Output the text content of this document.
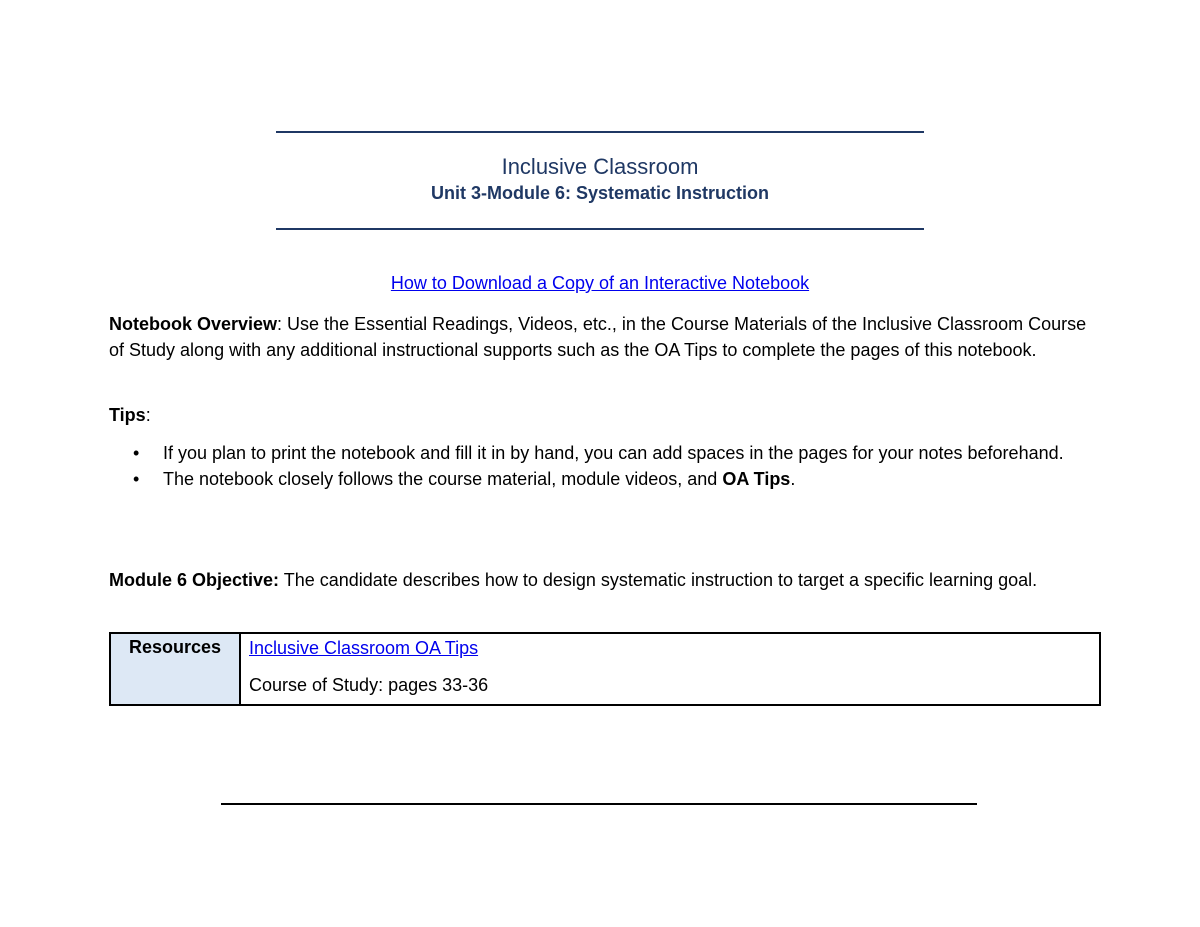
Inclusive Classroom
Unit 3-Module 6: Systematic Instruction
How to Download a Copy of an Interactive Notebook
Notebook Overview: Use the Essential Readings, Videos, etc., in the Course Materials of the Inclusive Classroom Course of Study along with any additional instructional supports such as the OA Tips to complete the pages of this notebook.
Tips:
• If you plan to print the notebook and fill it in by hand, you can add spaces in the pages for your notes beforehand.
• The notebook closely follows the course material, module videos, and OA Tips.
Module 6 Objective: The candidate describes how to design systematic instruction to target a specific learning goal.
Resources	Inclusive Classroom OA Tips
Course of Study: pages 33-36
